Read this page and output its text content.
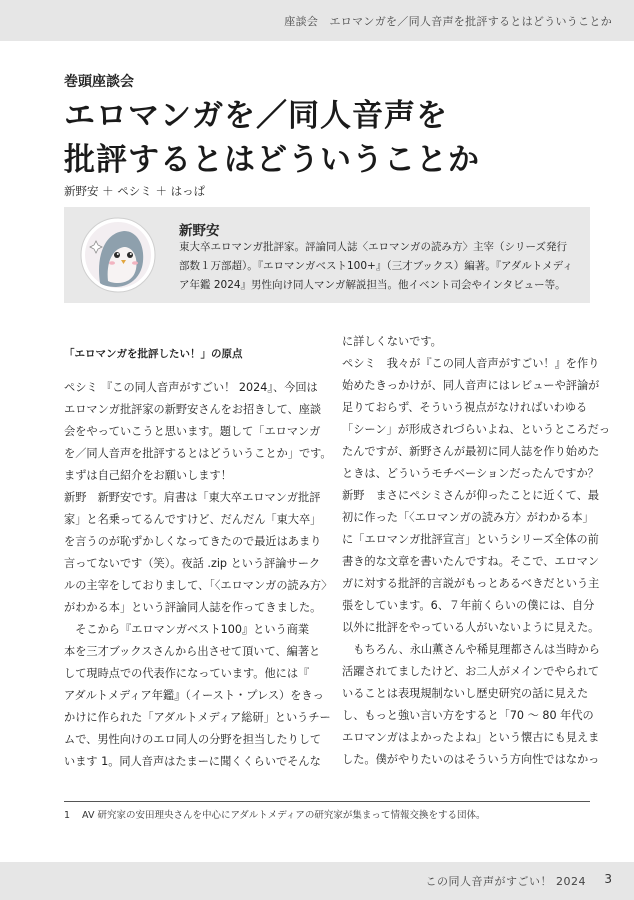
座談会　エロマンガを／同人音声を批評するとはどういうことか
巻頭座談会
エロマンガを／同人音声を
批評するとはどういうことか
新野安 ＋ ペシミ ＋ はっぱ
新野安
東大卒エロマンガ批評家。評論同人誌〈エロマンガの読み方〉主宰（シリーズ発行
部数１万部超）。『エロマンガベスト100+』（三才ブックス）編著。『アダルトメディ
ア年鑑 2024』男性向け同人マンガ解説担当。他イベント司会やインタビュー等。
「エロマンガを批評したい！」の原点
ペシミ 『この同人音声がすごい！ 2024』、今回は
エロマンガ批評家の新野安さんをお招きして、座談
会をやっていこうと思います。題して「エロマンガ
を／同人音声を批評するとはどういうことか」です。
まずは自己紹介をお願いします！
新野　新野安です。肩書は「東大卒エロマンガ批評
家」と名乗ってるんですけど、だんだん「東大卒」
を言うのが恥ずかしくなってきたので最近はあまり
言ってないです（笑）。夜話 .zip という評論サーク
ルの主宰をしておりまして、「〈エロマンガの読み方〉
がわかる本」という評論同人誌を作ってきました。
　そこから『エロマンガベスト100』という商業
本を三才ブックスさんから出させて頂いて、編著と
して現時点での代表作になっています。他には『
アダルトメディア年鑑』（イースト・プレス）をきっ
かけに作られた「アダルトメディア総研」というチー
ムで、男性向けのエロ同人の分野を担当したりして
います 1。同人音声はたまーに聞くくらいでそんな
に詳しくないです。
ペシミ　我々が『この同人音声がすごい！』を作り
始めたきっかけが、同人音声にはレビューや評論が
足りておらず、そういう視点がなければいわゆる
「シーン」が形成されづらいよね、というところだっ
たんですが、新野さんが最初に同人誌を作り始めた
ときは、どういうモチベーションだったんですか？
新野　まさにペシミさんが仰ったことに近くて、最
初に作った「〈エロマンガの読み方〉がわかる本」
に「エロマンガ批評宣言」というシリーズ全体の前
書き的な文章を書いたんですね。そこで、エロマン
ガに対する批評的言説がもっとあるべきだという主
張をしています。6、７年前くらいの僕には、自分
以外に批評をやっている人がいないように見えた。
　もちろん、永山薫さんや稀見理都さんは当時から
活躍されてましたけど、お二人がメインでやられて
いることは表現規制ないし歴史研究の話に見えた
し、もっと強い言い方をすると「70 〜 80 年代の
エロマンガはよかったよね」という懐古にも見えま
した。僕がやりたいのはそういう方向性ではなかっ
1 AV 研究家の安田理央さんを中心にアダルトメディアの研究家が集まって情報交換をする団体。
この同人音声がすごい！ 2024 3
